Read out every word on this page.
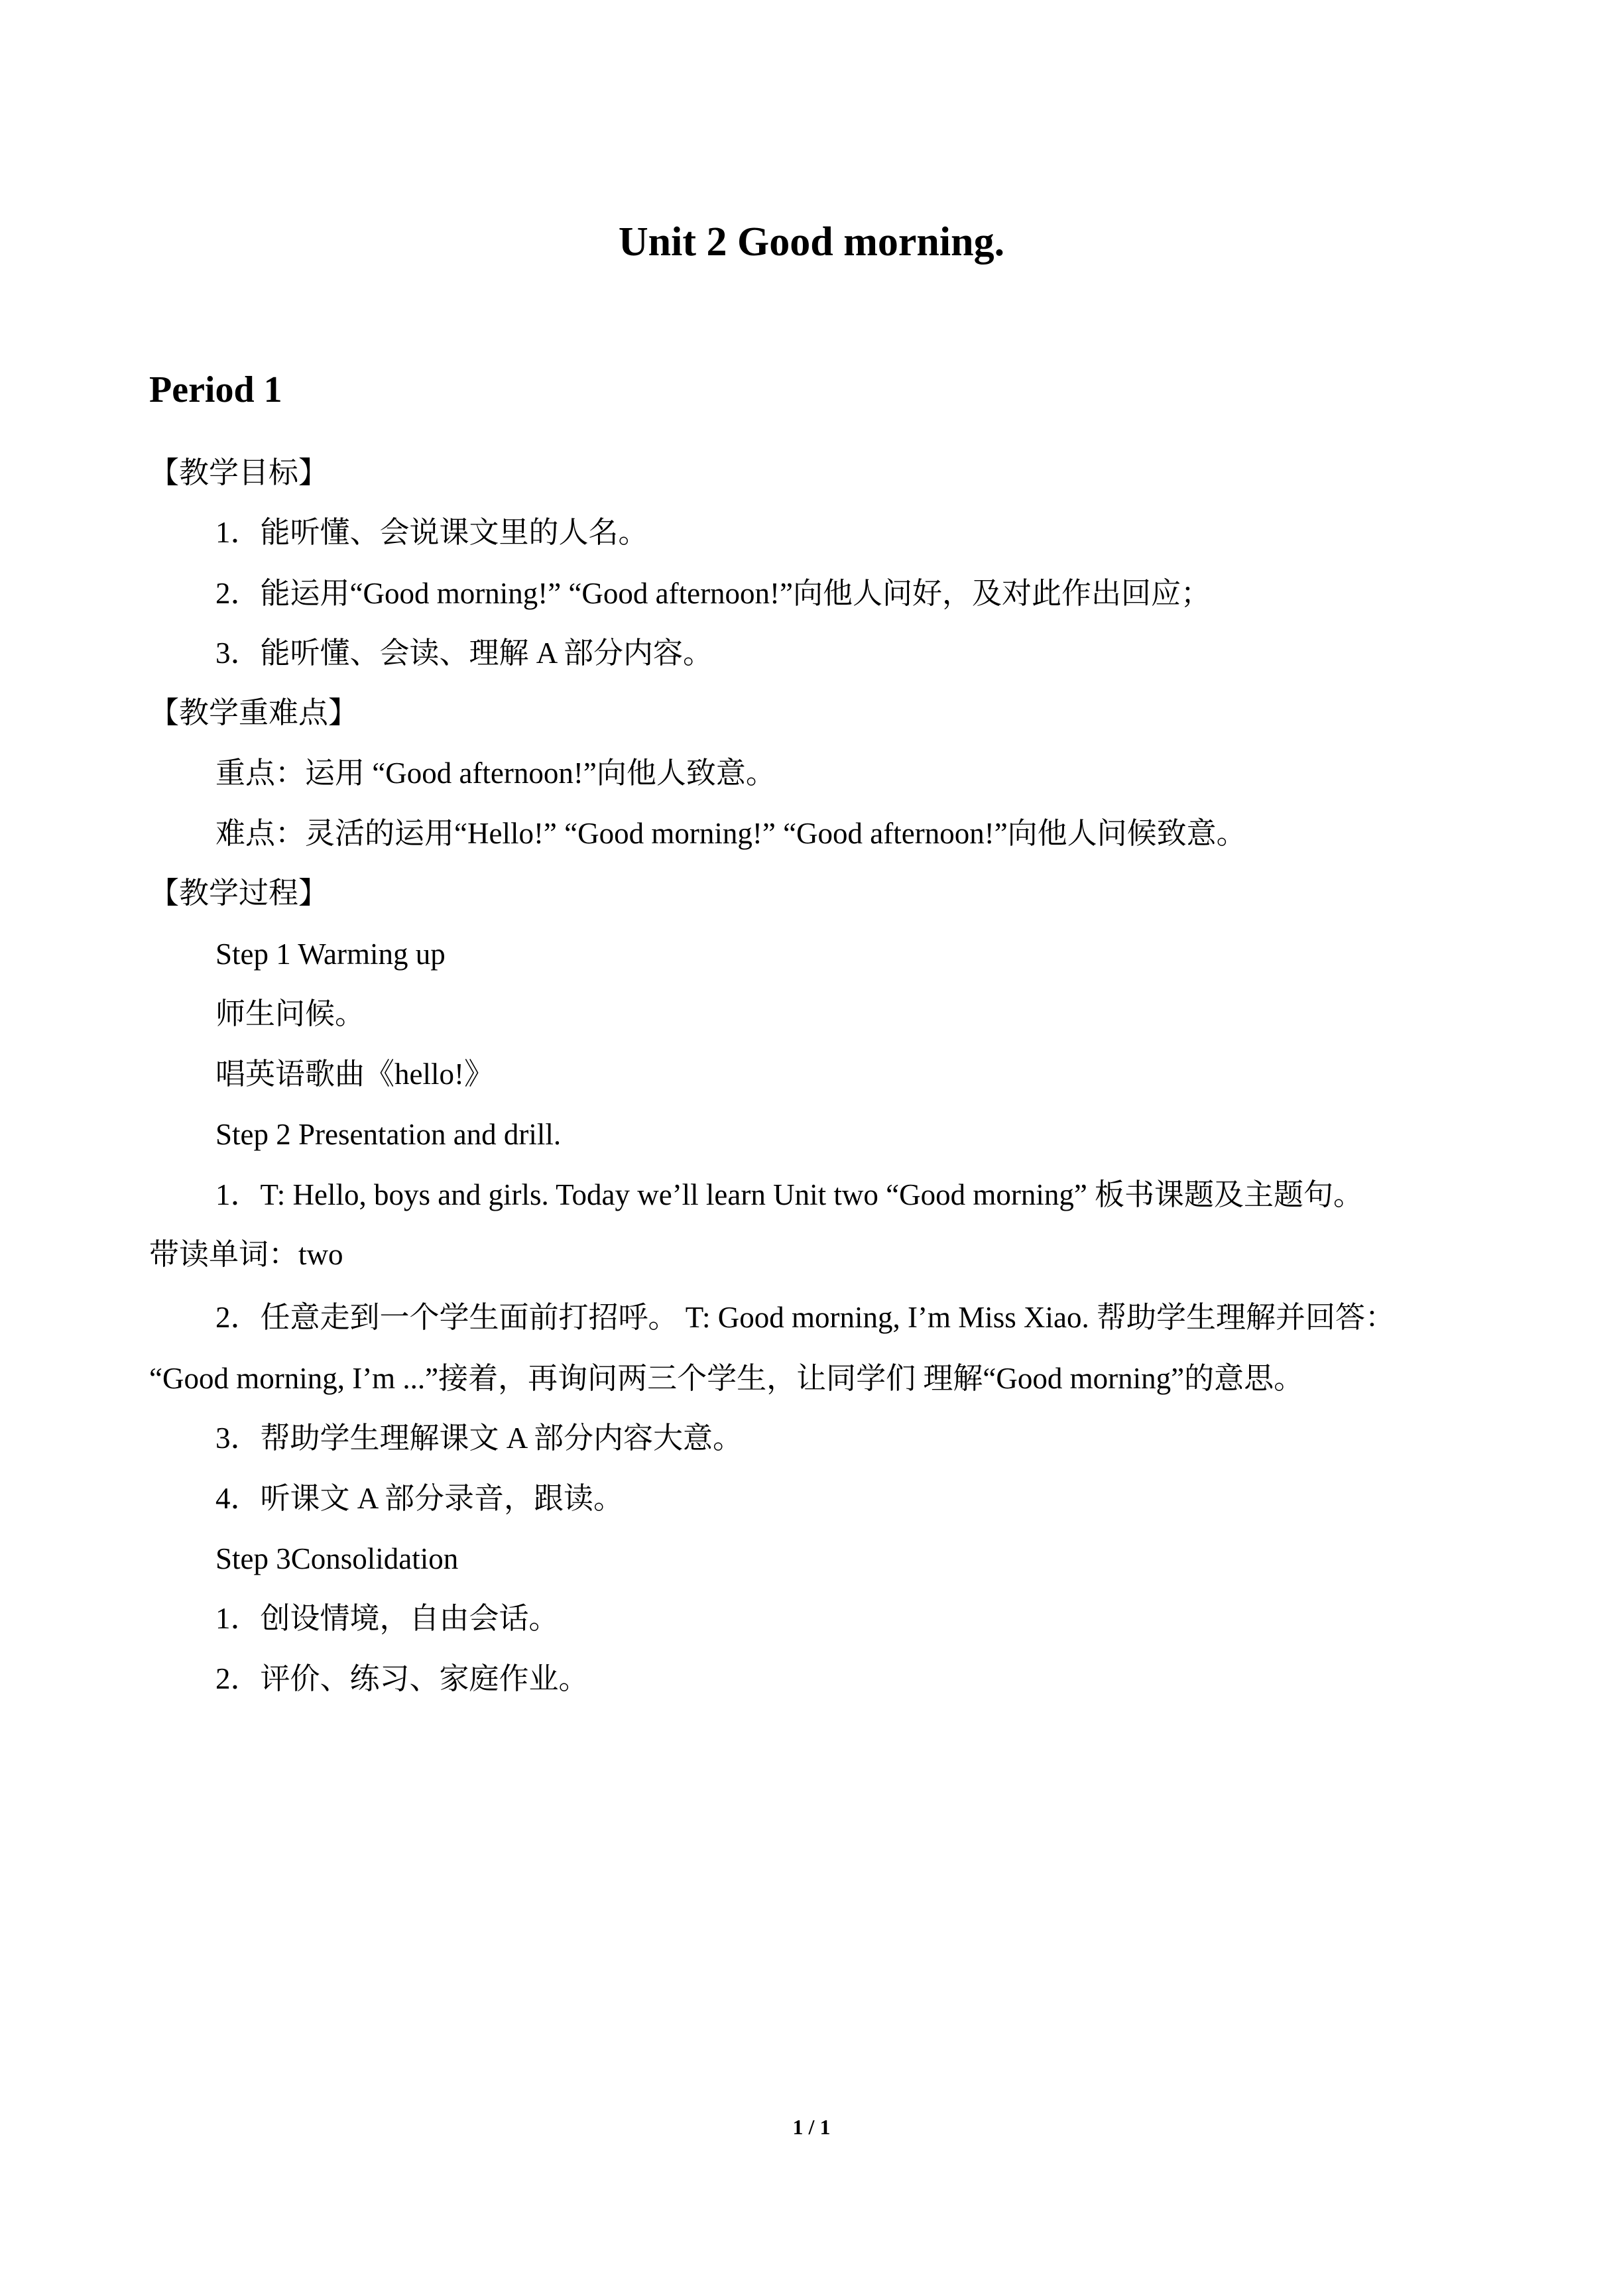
Unit 2 Good morning.
Period 1
【教学目标】
1．能听懂、会说课文里的人名。
2．能运用“Good morning!” “Good afternoon!”向他人问好，及对此作出回应；
3．能听懂、会读、理解 A 部分内容。
【教学重难点】
重点：运用 “Good afternoon!”向他人致意。
难点：灵活的运用“Hello!” “Good morning!” “Good afternoon!”向他人问候致意。
【教学过程】
Step 1 Warming up
师生问候。
唱英语歌曲《hello!》
Step 2 Presentation and drill.
1．T: Hello, boys and girls. Today we’ll learn Unit two “Good morning” 板书课题及主题句。
带读单词：two
2．任意走到一个学生面前打招呼。 T: Good morning, I’m Miss Xiao. 帮助学生理解并回答：
“Good morning, I’m ...”接着，再询问两三个学生，让同学们 理解“Good morning”的意思。
3．帮助学生理解课文 A 部分内容大意。
4．听课文 A 部分录音，跟读。
Step 3Consolidation
1．创设情境，自由会话。
2．评价、练习、家庭作业。
1 / 1
